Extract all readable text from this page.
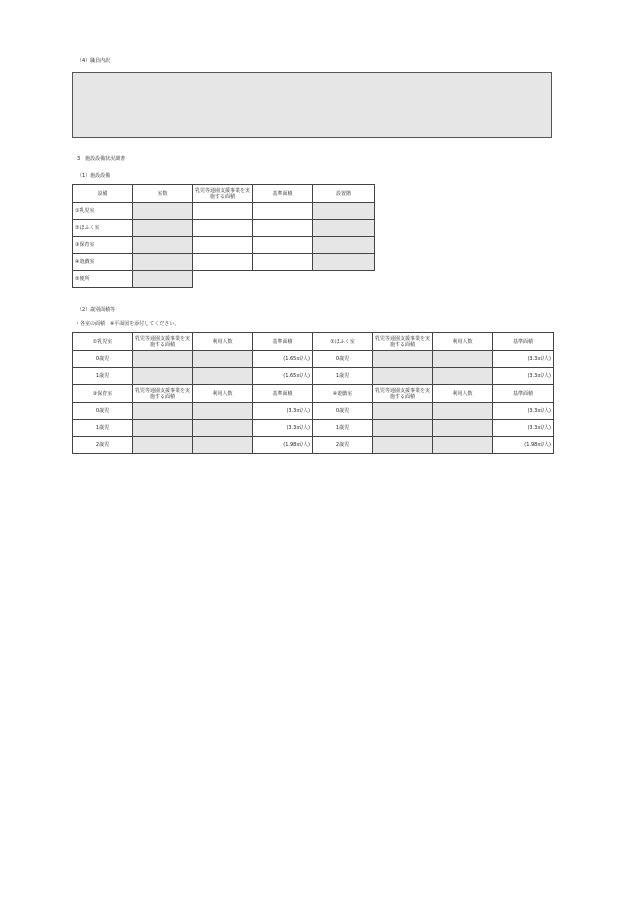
（4）職員内訳
3　施設設備状況調書
（1）施設設備
設備	室数	乳児等通園支援事業を実施する面積	基準面積	設置階
①乳児室				
②ほふく室				
③保育室				
④遊戯室				
⑤便所				
（2）歳別面積等
・各室の面積　※平面図を添付してください。
①乳児室	乳児等通園支援事業を実施する面積	利用人数	基準面積	②ほふく室	乳児等通園支援事業を実施する面積	利用人数	基準面積
0歳児			(1.65㎡/人)	0歳児			(3.3㎡/人)
1歳児			(1.65㎡/人)	1歳児			(3.3㎡/人)
③保育室	乳児等通園支援事業を実施する面積	利用人数	基準面積	④遊戯室	乳児等通園支援事業を実施する面積	利用人数	基準面積
0歳児			(3.3㎡/人)	0歳児			(3.3㎡/人)
1歳児			(3.3㎡/人)	1歳児			(3.3㎡/人)
2歳児			(1.98㎡/人)	2歳児			(1.98㎡/人)
